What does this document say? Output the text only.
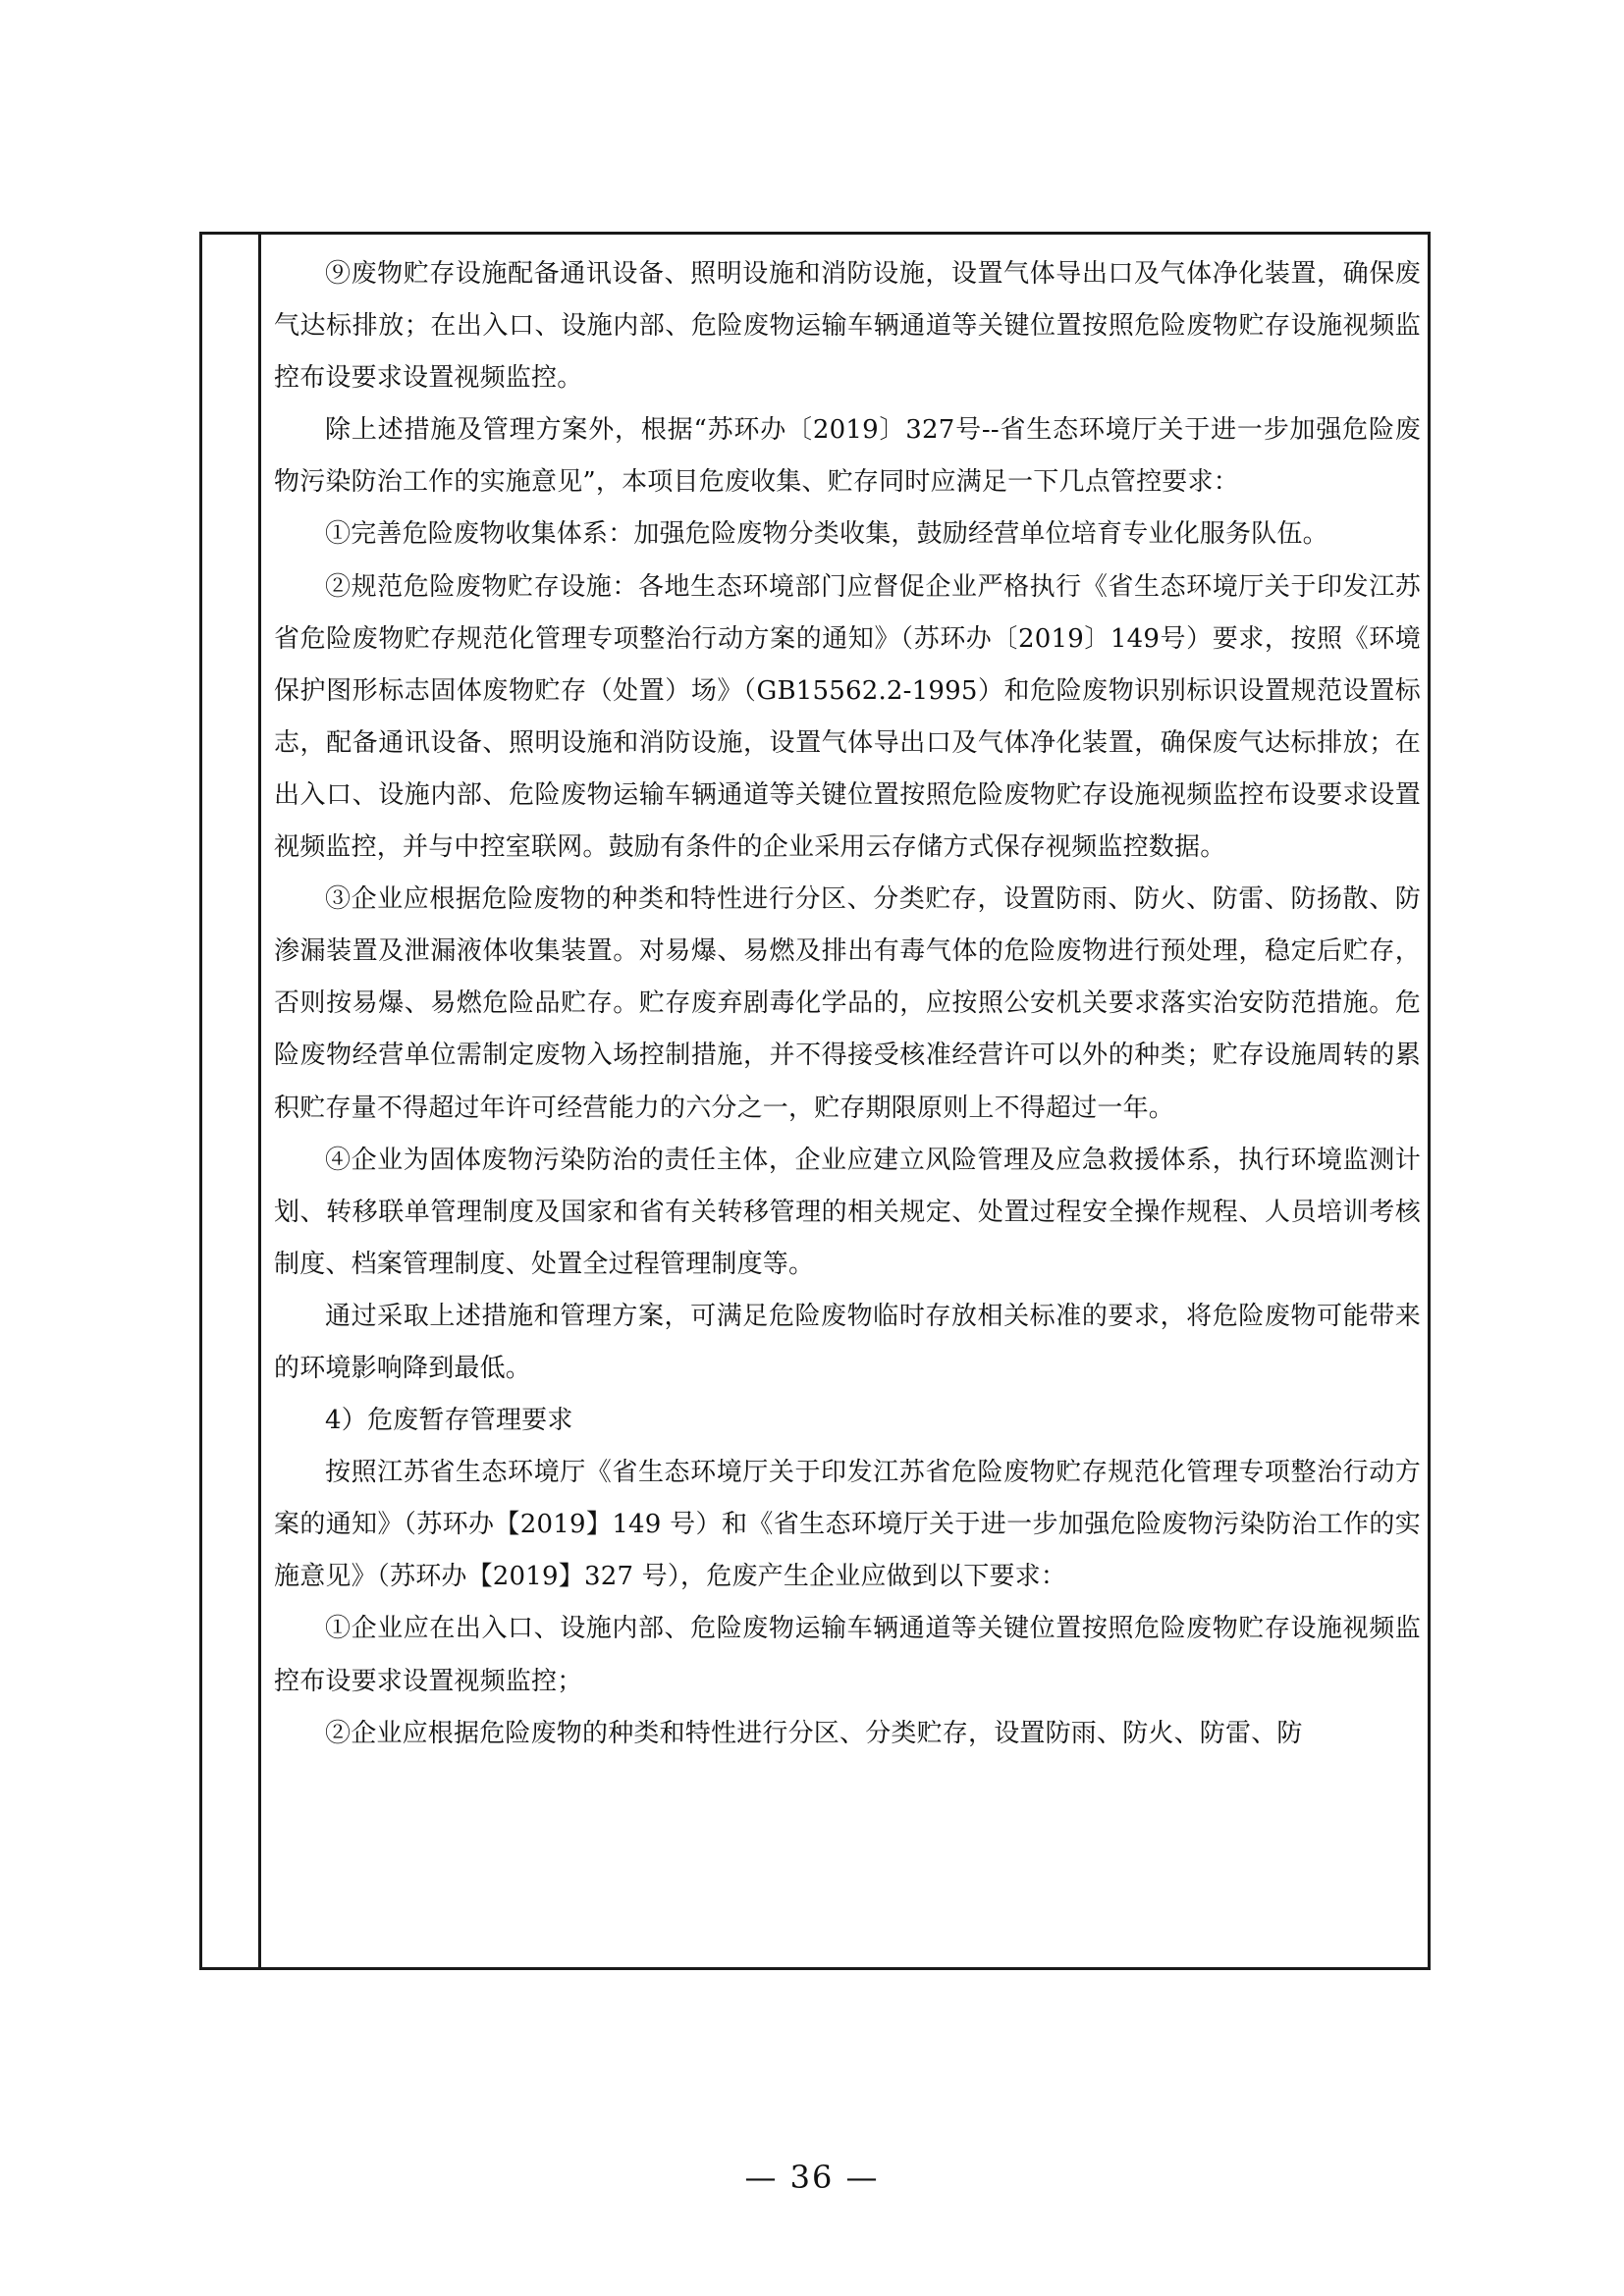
⑨废物贮存设施配备通讯设备、照明设施和消防设施，设置气体导出口及气体净化装置，确保废气达标排放；在出入口、设施内部、危险废物运输车辆通道等关键位置按照危险废物贮存设施视频监控布设要求设置视频监控。

除上述措施及管理方案外，根据“苏环办〔2019〕327号--省生态环境厅关于进一步加强危险废物污染防治工作的实施意见”，本项目危废收集、贮存同时应满足一下几点管控要求：

①完善危险废物收集体系：加强危险废物分类收集，鼓励经营单位培育专业化服务队伍。

②规范危险废物贮存设施：各地生态环境部门应督促企业严格执行《省生态环境厅关于印发江苏省危险废物贮存规范化管理专项整治行动方案的通知》（苏环办〔2019〕149号）要求，按照《环境保护图形标志固体废物贮存（处置）场》（GB15562.2-1995）和危险废物识别标识设置规范设置标志，配备通讯设备、照明设施和消防设施，设置气体导出口及气体净化装置，确保废气达标排放；在出入口、设施内部、危险废物运输车辆通道等关键位置按照危险废物贮存设施视频监控布设要求设置视频监控，并与中控室联网。鼓励有条件的企业采用云存储方式保存视频监控数据。

③企业应根据危险废物的种类和特性进行分区、分类贮存，设置防雨、防火、防雷、防扬散、防渗漏装置及泄漏液体收集装置。对易爆、易燃及排出有毒气体的危险废物进行预处理，稳定后贮存，否则按易爆、易燃危险品贮存。贮存废弃剧毒化学品的，应按照公安机关要求落实治安防范措施。危险废物经营单位需制定废物入场控制措施，并不得接受核准经营许可以外的种类；贮存设施周转的累积贮存量不得超过年许可经营能力的六分之一，贮存期限原则上不得超过一年。

④企业为固体废物污染防治的责任主体，企业应建立风险管理及应急救援体系，执行环境监测计划、转移联单管理制度及国家和省有关转移管理的相关规定、处置过程安全操作规程、人员培训考核制度、档案管理制度、处置全过程管理制度等。

通过采取上述措施和管理方案，可满足危险废物临时存放相关标准的要求，将危险废物可能带来的环境影响降到最低。

4）危废暂存管理要求

按照江苏省生态环境厅《省生态环境厅关于印发江苏省危险废物贮存规范化管理专项整治行动方案的通知》（苏环办【2019】149 号）和《省生态环境厅关于进一步加强危险废物污染防治工作的实施意见》（苏环办【2019】327 号），危废产生企业应做到以下要求：

①企业应在出入口、设施内部、危险废物运输车辆通道等关键位置按照危险废物贮存设施视频监控布设要求设置视频监控；

②企业应根据危险废物的种类和特性进行分区、分类贮存，设置防雨、防火、防雷、防

— 36 —
